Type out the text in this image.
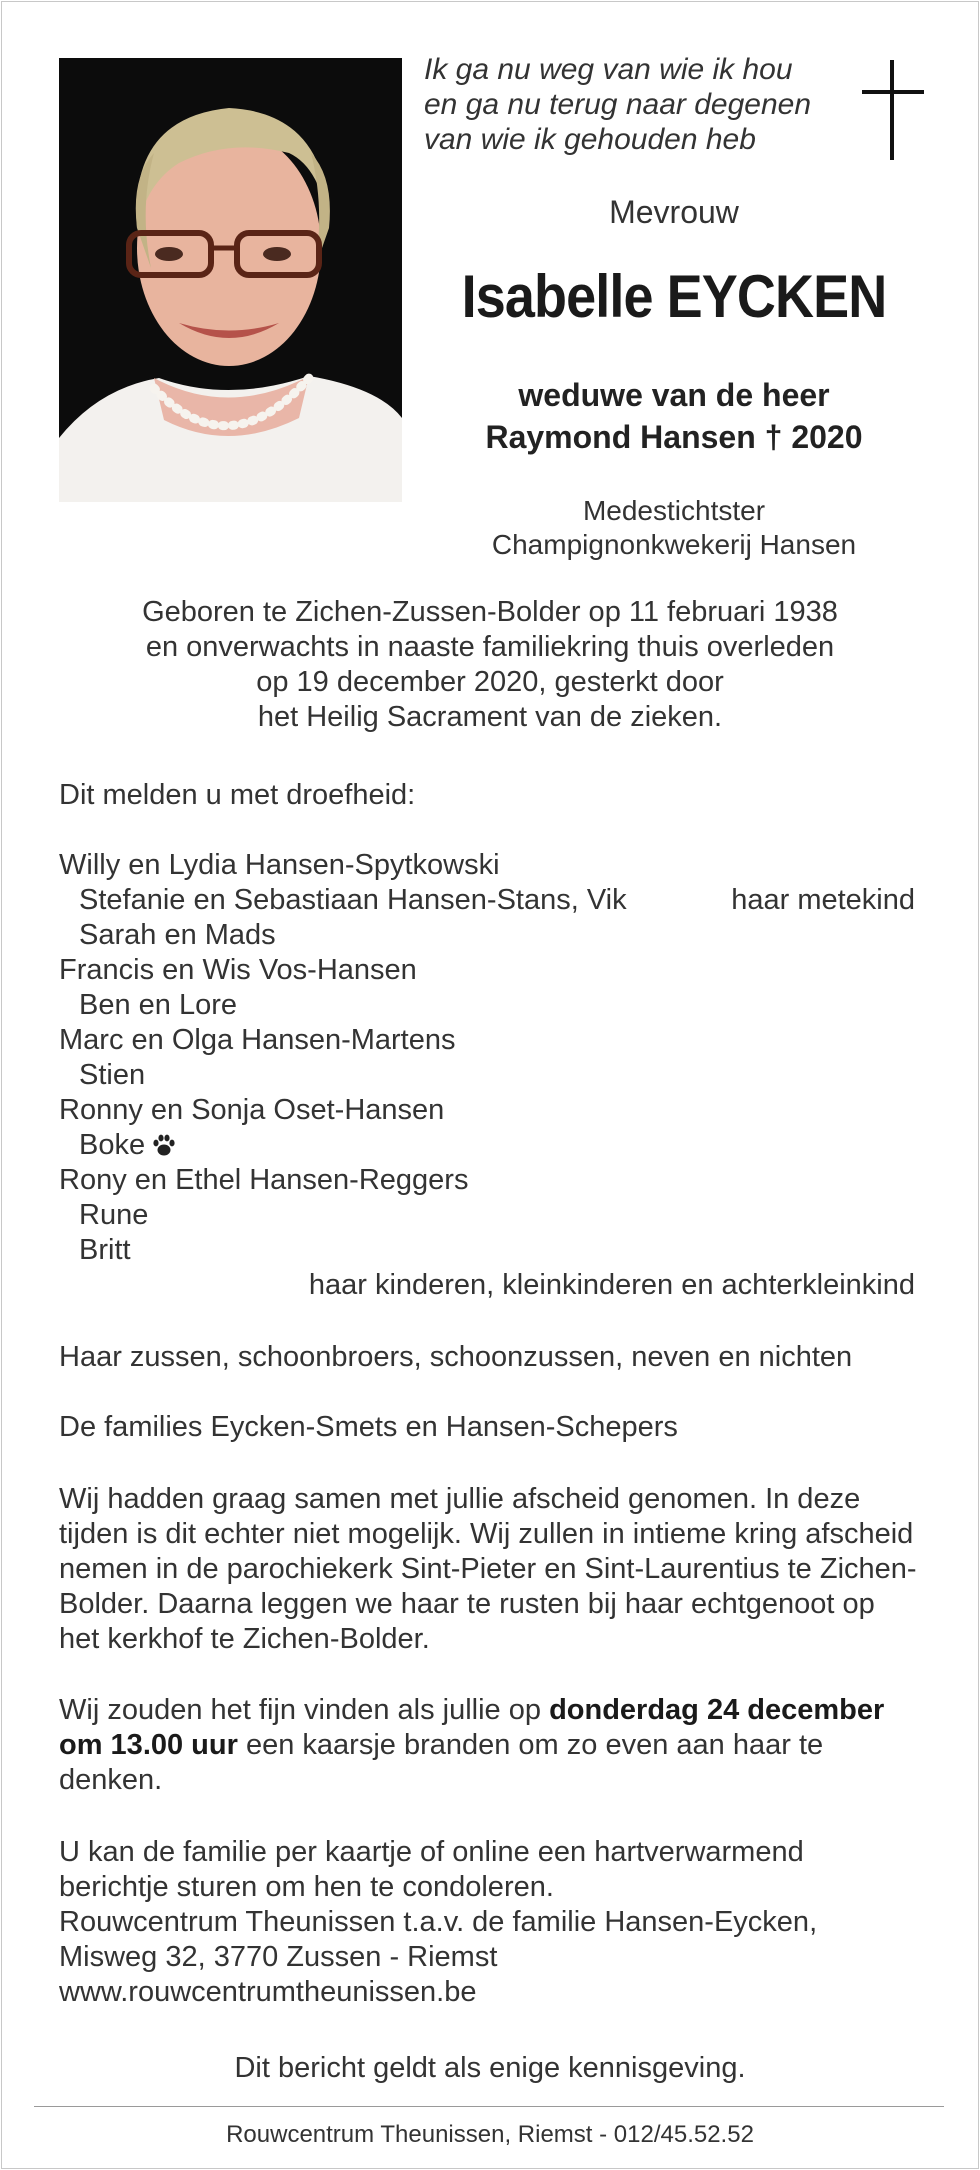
Ik ga nu weg van wie ik hou
en ga nu terug naar degenen
van wie ik gehouden heb
Mevrouw
Isabelle EYCKEN
weduwe van de heer
Raymond Hansen † 2020
Medestichtster
Champignonkwekerij Hansen
Geboren te Zichen-Zussen-Bolder op 11 februari 1938
en onverwachts in naaste familiekring thuis overleden
op 19 december 2020, gesterkt door
het Heilig Sacrament van de zieken.
Dit melden u met droefheid:
Willy en Lydia Hansen-Spytkowski
Stefanie en Sebastiaan Hansen-Stans, Vik	haar metekind
Sarah en Mads
Francis en Wis Vos-Hansen
Ben en Lore
Marc en Olga Hansen-Martens
Stien
Ronny en Sonja Oset-Hansen
Boke
Rony en Ethel Hansen-Reggers
Rune
Britt
haar kinderen, kleinkinderen en achterkleinkind
Haar zussen, schoonbroers, schoonzussen, neven en nichten
De families Eycken-Smets en Hansen-Schepers
Wij hadden graag samen met jullie afscheid genomen. In deze tijden is dit echter niet mogelijk. Wij zullen in intieme kring afscheid nemen in de parochiekerk Sint-Pieter en Sint-Laurentius te Zichen-Bolder. Daarna leggen we haar te rusten bij haar echtgenoot op het kerkhof te Zichen-Bolder.
Wij zouden het fijn vinden als jullie op donderdag 24 december om 13.00 uur een kaarsje branden om zo even aan haar te denken.
U kan de familie per kaartje of online een hartverwarmend
berichtje sturen om hen te condoleren.
Rouwcentrum Theunissen t.a.v. de familie Hansen-Eycken,
Misweg 32, 3770 Zussen - Riemst
www.rouwcentrumtheunissen.be
Dit bericht geldt als enige kennisgeving.
Rouwcentrum Theunissen, Riemst - 012/45.52.52
